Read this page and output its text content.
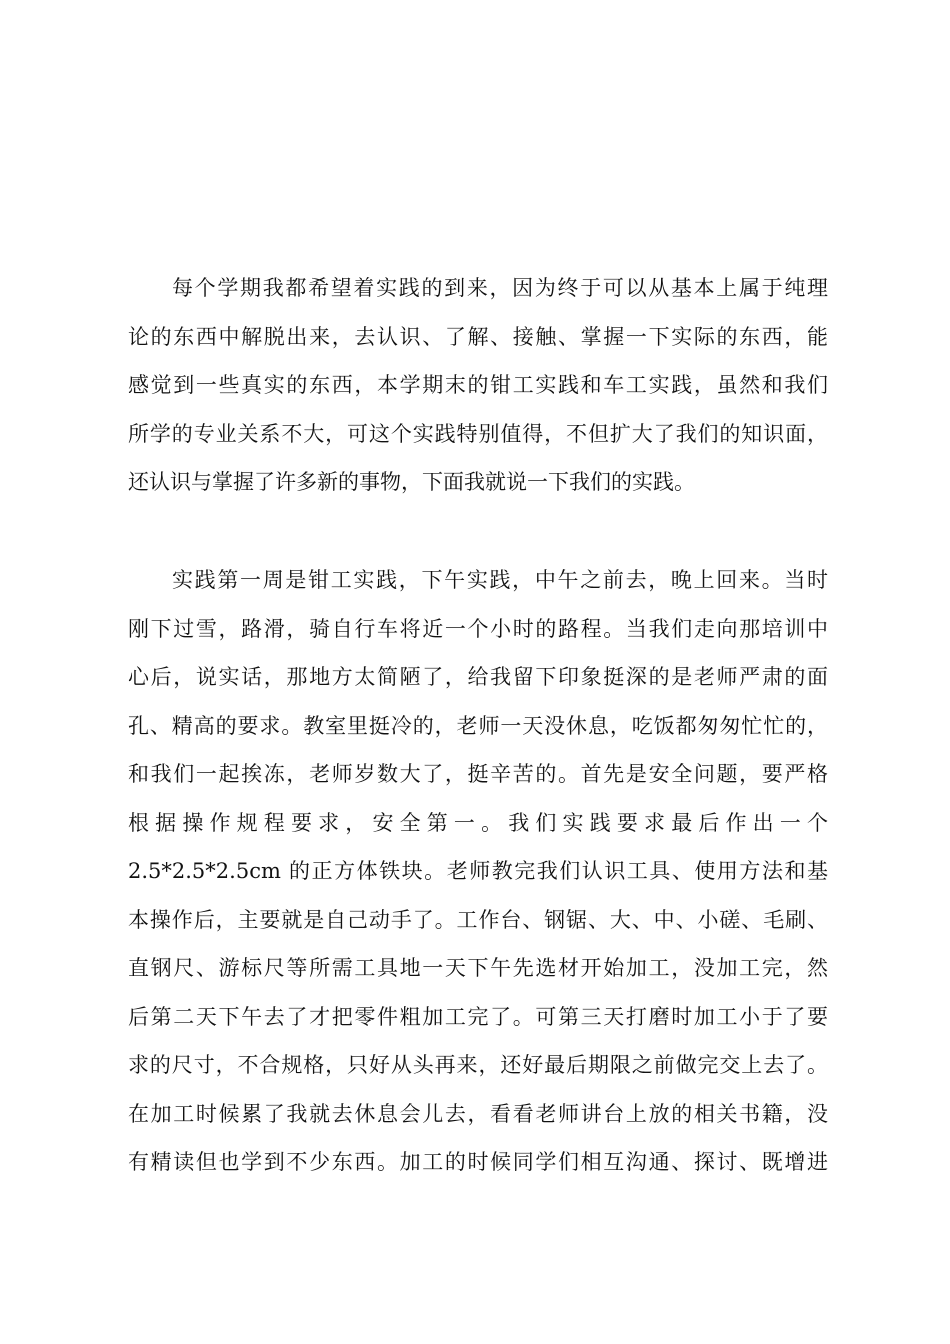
每个学期我都希望着实践的到来，因为终于可以从基本上属于纯理
论的东西中解脱出来，去认识、了解、接触、掌握一下实际的东西，能
感觉到一些真实的东西，本学期末的钳工实践和车工实践，虽然和我们
所学的专业关系不大，可这个实践特别值得，不但扩大了我们的知识面，
还认识与掌握了许多新的事物，下面我就说一下我们的实践。
实践第一周是钳工实践，下午实践，中午之前去，晚上回来。当时
刚下过雪，路滑，骑自行车将近一个小时的路程。当我们走向那培训中
心后，说实话，那地方太简陋了，给我留下印象挺深的是老师严肃的面
孔、精高的要求。教室里挺冷的，老师一天没休息，吃饭都匆匆忙忙的，
和我们一起挨冻，老师岁数大了，挺辛苦的。首先是安全问题，要严格
根据操作规程要求，安全第一。我们实践要求最后作出一个
2.5*2.5*2.5cm 的正方体铁块。老师教完我们认识工具、使用方法和基
本操作后，主要就是自己动手了。工作台、钢锯、大、中、小磋、毛刷、
直钢尺、游标尺等所需工具地一天下午先选材开始加工，没加工完，然
后第二天下午去了才把零件粗加工完了。可第三天打磨时加工小于了要
求的尺寸，不合规格，只好从头再来，还好最后期限之前做完交上去了。
在加工时候累了我就去休息会儿去，看看老师讲台上放的相关书籍，没
有精读但也学到不少东西。加工的时候同学们相互沟通、探讨、既增进
